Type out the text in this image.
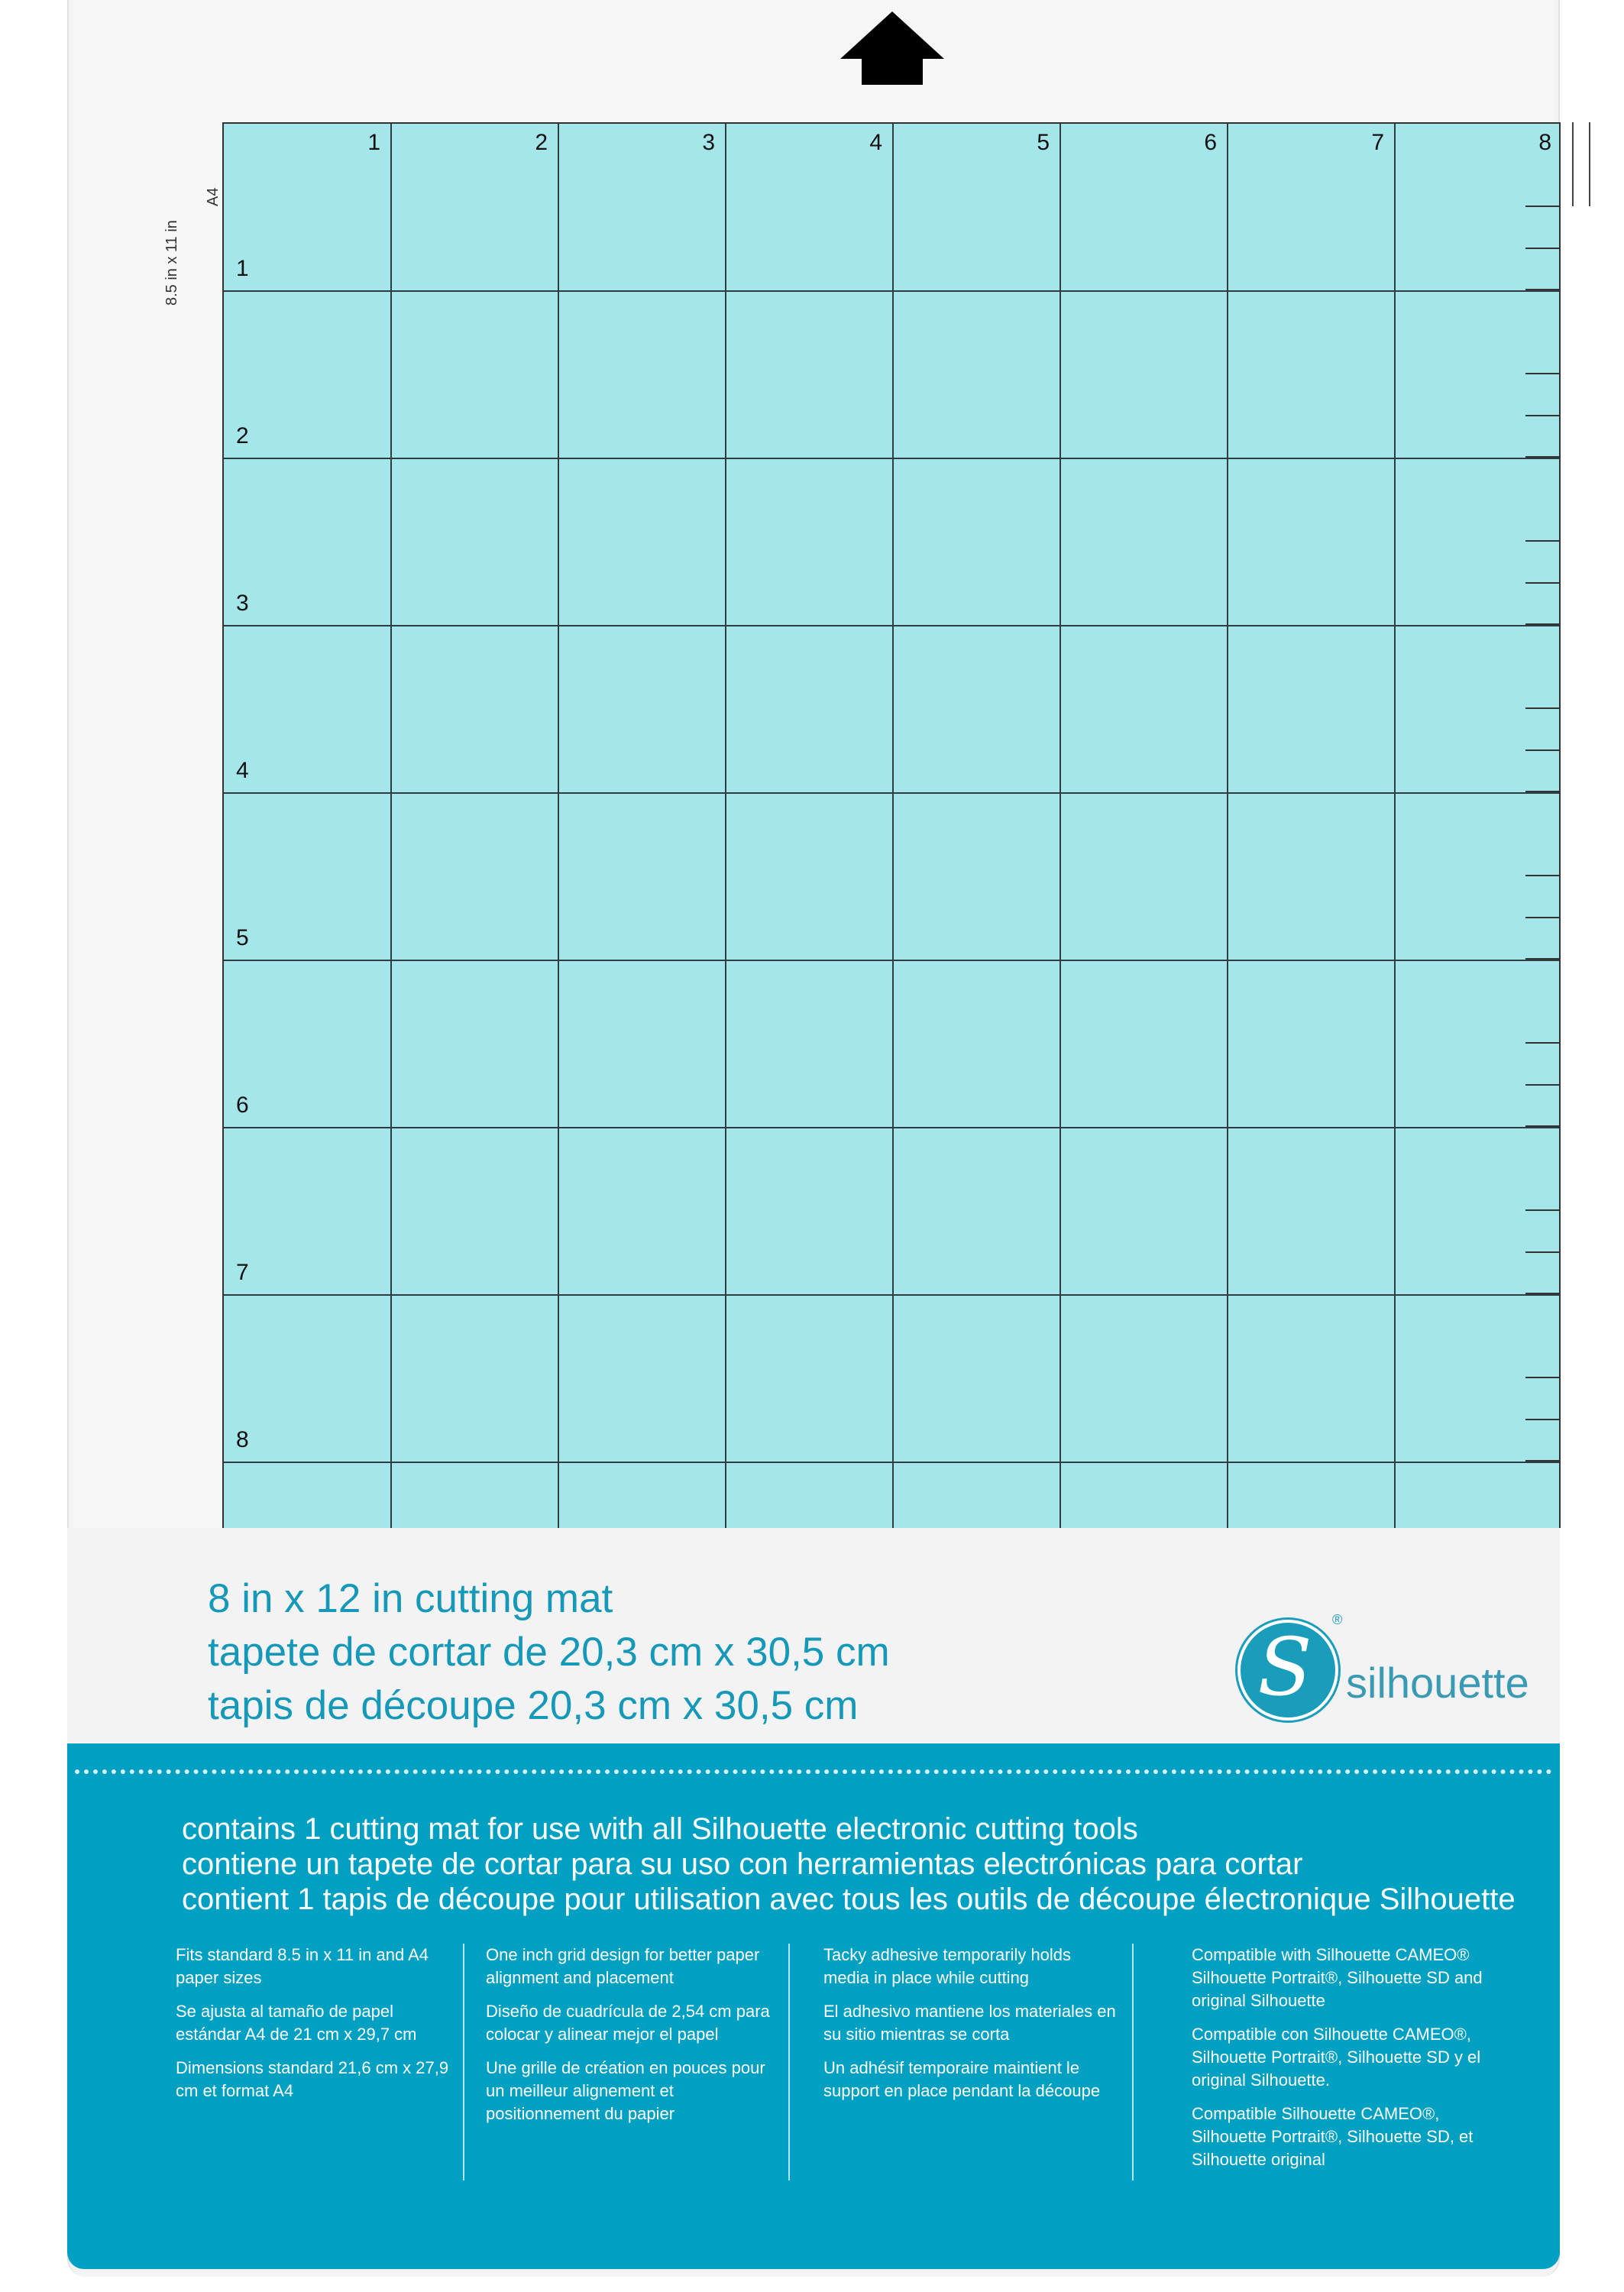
8.5 in x 11 in
A4
1	2	3	4	5	6	7	8
1
2
3
4
5
6
7
8
8 in x 12 in cutting mat
tapete de cortar de 20,3 cm x 30,5 cm
tapis de découpe 20,3 cm x 30,5 cm	S
®
silhouette
contains 1 cutting mat for use with all Silhouette electronic cutting tools
contiene un tapete de cortar para su uso con herramientas electrónicas para cortar
contient 1 tapis de découpe pour utilisation avec tous les outils de découpe électronique Silhouette

Fits standard 8.5 in x 11 in and A4 paper sizes

Se ajusta al tamaño de papel estándar A4 de 21 cm x 29,7 cm

Dimensions standard 21,6 cm x 27,9 cm et format A4

One inch grid design for better paper alignment and placement

Diseño de cuadrícula de 2,54 cm para colocar y alinear mejor el papel

Une grille de création en pouces pour un meilleur alignement et positionnement du papier

Tacky adhesive temporarily holds media in place while cutting

El adhesivo mantiene los materiales en su sitio mientras se corta

Un adhésif temporaire maintient le support en place pendant la découpe

Compatible with Silhouette CAMEO® Silhouette Portrait®, Silhouette SD and original Silhouette

Compatible con Silhouette CAMEO®, Silhouette Portrait®, Silhouette SD y el original Silhouette.

Compatible Silhouette CAMEO®, Silhouette Portrait®, Silhouette SD, et Silhouette original
